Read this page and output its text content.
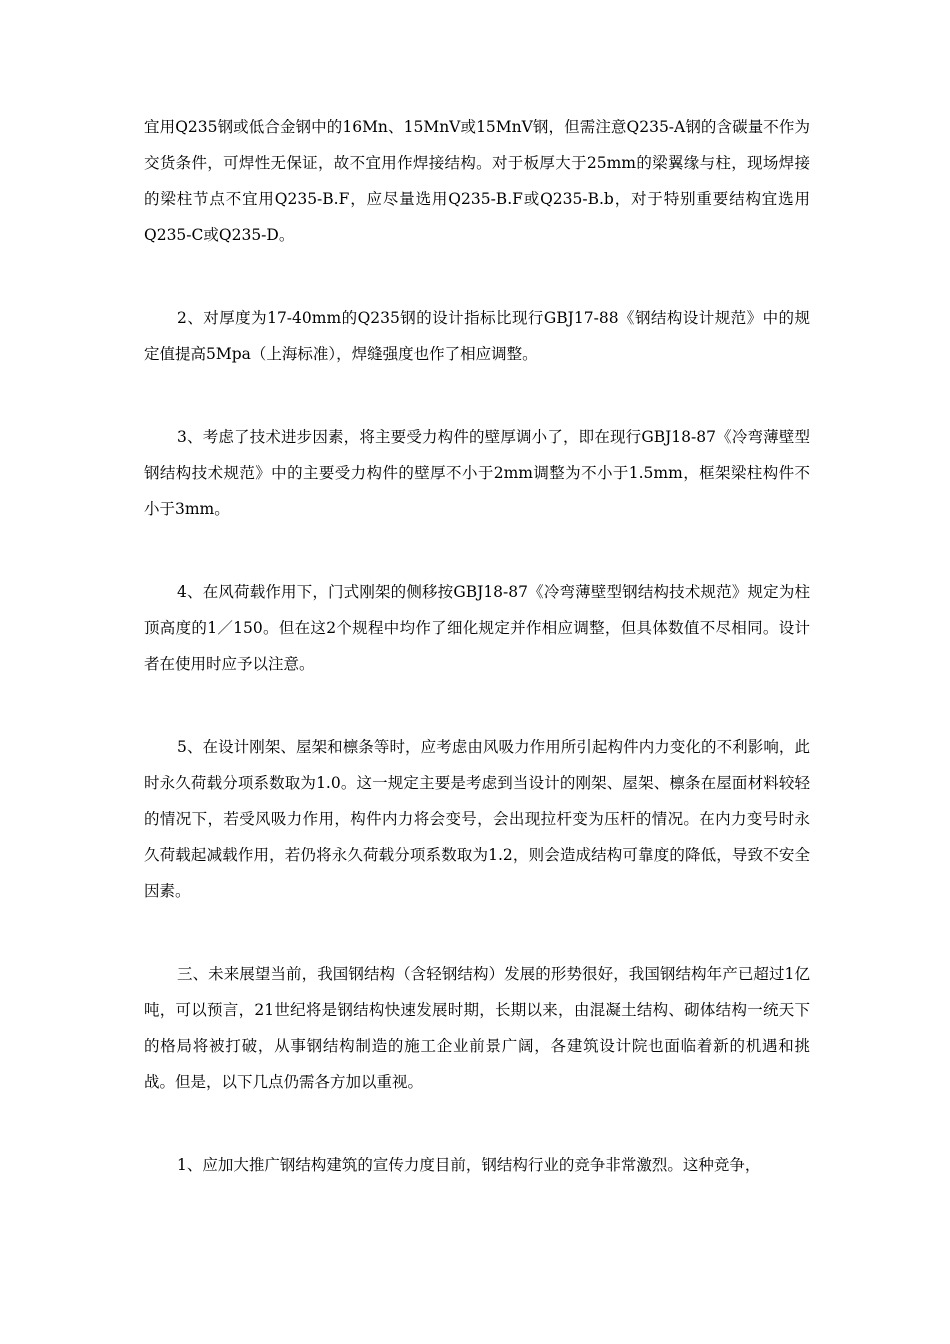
宜用Q235钢或低合金钢中的16Mn、15MnV或15MnV钢，但需注意Q235-A钢的含碳量不作为交货条件，可焊性无保证，故不宜用作焊接结构。对于板厚大于25mm的梁翼缘与柱，现场焊接的梁柱节点不宜用Q235-B.F，应尽量选用Q235-B.F或Q235-B.b，对于特别重要结构宜选用Q235-C或Q235-D。

2、对厚度为17-40mm的Q235钢的设计指标比现行GBJ17-88《钢结构设计规范》中的规定值提高5Mpa（上海标准），焊缝强度也作了相应调整。

3、考虑了技术进步因素，将主要受力构件的壁厚调小了，即在现行GBJ18-87《冷弯薄壁型钢结构技术规范》中的主要受力构件的壁厚不小于2mm调整为不小于1.5mm，框架梁柱构件不小于3mm。

4、在风荷载作用下，门式刚架的侧移按GBJ18-87《冷弯薄壁型钢结构技术规范》规定为柱顶高度的1／150。但在这2个规程中均作了细化规定并作相应调整，但具体数值不尽相同。设计者在使用时应予以注意。

5、在设计刚架、屋架和檩条等时，应考虑由风吸力作用所引起构件内力变化的不利影响，此时永久荷载分项系数取为1.0。这一规定主要是考虑到当设计的刚架、屋架、檩条在屋面材料较轻的情况下，若受风吸力作用，构件内力将会变号，会出现拉杆变为压杆的情况。在内力变号时永久荷载起减载作用，若仍将永久荷载分项系数取为1.2，则会造成结构可靠度的降低，导致不安全因素。

三、未来展望当前，我国钢结构（含轻钢结构）发展的形势很好，我国钢结构年产已超过1亿吨，可以预言，21世纪将是钢结构快速发展时期，长期以来，由混凝土结构、砌体结构一统天下的格局将被打破，从事钢结构制造的施工企业前景广阔，各建筑设计院也面临着新的机遇和挑战。但是，以下几点仍需各方加以重视。

1、应加大推广钢结构建筑的宣传力度目前，钢结构行业的竞争非常激烈。这种竞争，
